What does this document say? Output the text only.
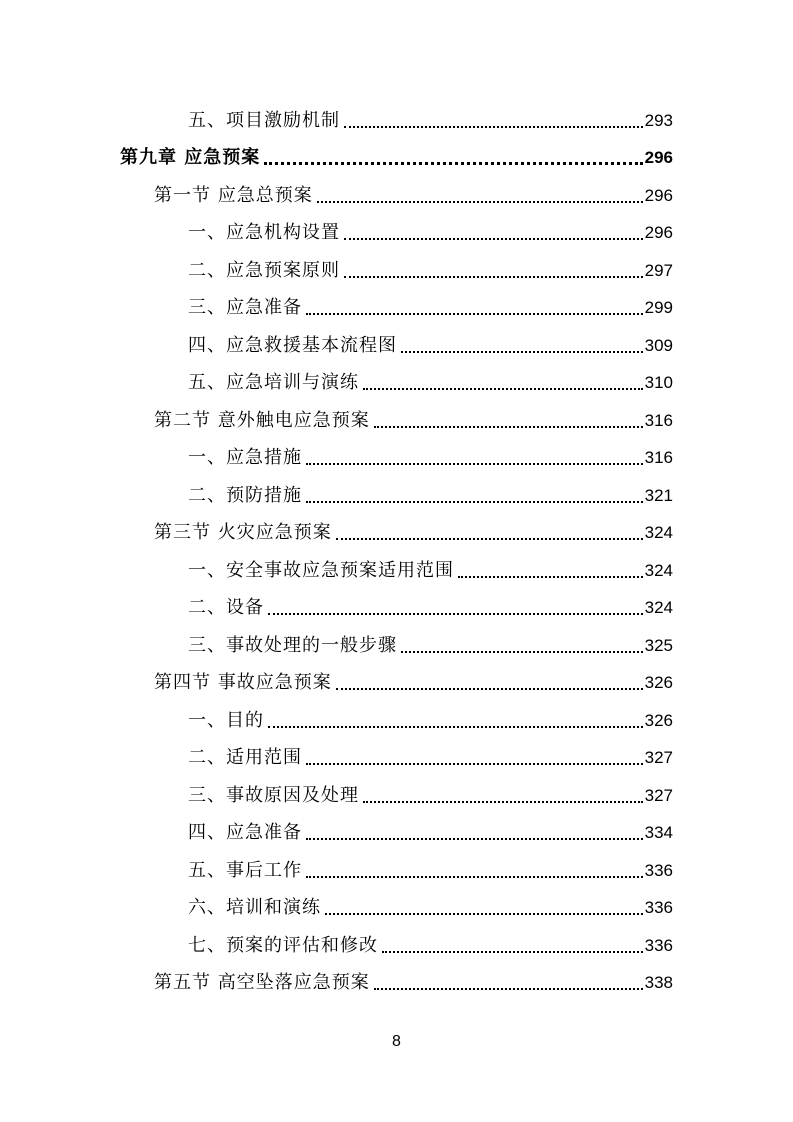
五、项目激励机制	293
第九章 应急预案	296
第一节 应急总预案	296
一、应急机构设置	296
二、应急预案原则	297
三、应急准备	299
四、应急救援基本流程图	309
五、应急培训与演练	310
第二节 意外触电应急预案	316
一、应急措施	316
二、预防措施	321
第三节 火灾应急预案	324
一、安全事故应急预案适用范围	324
二、设备	324
三、事故处理的一般步骤	325
第四节 事故应急预案	326
一、目的	326
二、适用范围	327
三、事故原因及处理	327
四、应急准备	334
五、事后工作	336
六、培训和演练	336
七、预案的评估和修改	336
第五节 高空坠落应急预案	338
8
